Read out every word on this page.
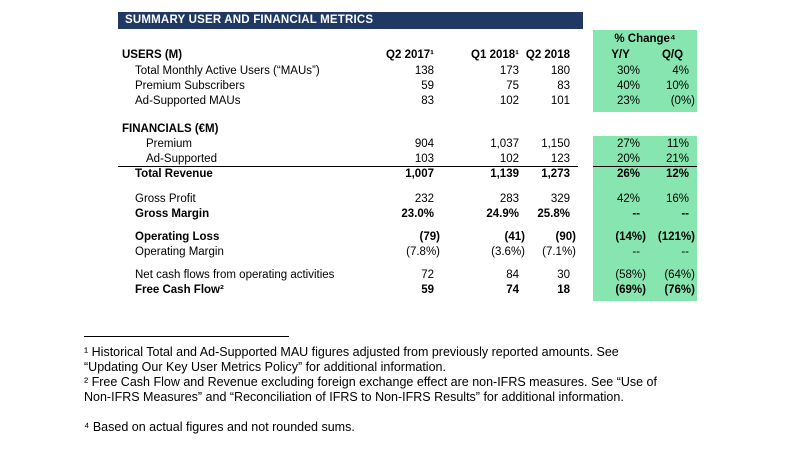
SUMMARY USER AND FINANCIAL METRICS
% Change⁴
USERS (M)	Q2 2017¹	Q1 2018¹ Q2 2018	Y/Y	Q/Q
Total Monthly Active Users (“MAUs”)	138	173	180	30%	4%
Premium Subscribers	59	75	83	40%	10%
Ad-Supported MAUs	83	102	101	23%	(0%)
FINANCIALS (€M)
Premium	904	1,037	1,150	27%	11%
Ad-Supported	103	102	123	20%	21%
Total Revenue	1,007	1,139	1,273	26%	12%
Gross Profit	232	283	329	42%	16%
Gross Margin	23.0%	24.9%	25.8%	--	--
Operating Loss	(79)	(41)	(90)	(14%)	(121%)
Operating Margin	(7.8%)	(3.6%)	(7.1%)	--	--
Net cash flows from operating activities	72	84	30	(58%)	(64%)
Free Cash Flow²	59	74	18	(69%)	(76%)
¹ Historical Total and Ad-Supported MAU figures adjusted from previously reported amounts. See
“Updating Our Key User Metrics Policy” for additional information.
² Free Cash Flow and Revenue excluding foreign exchange effect are non-IFRS measures. See “Use of
Non-IFRS Measures” and “Reconciliation of IFRS to Non-IFRS Results” for additional information.
⁴ Based on actual figures and not rounded sums.
